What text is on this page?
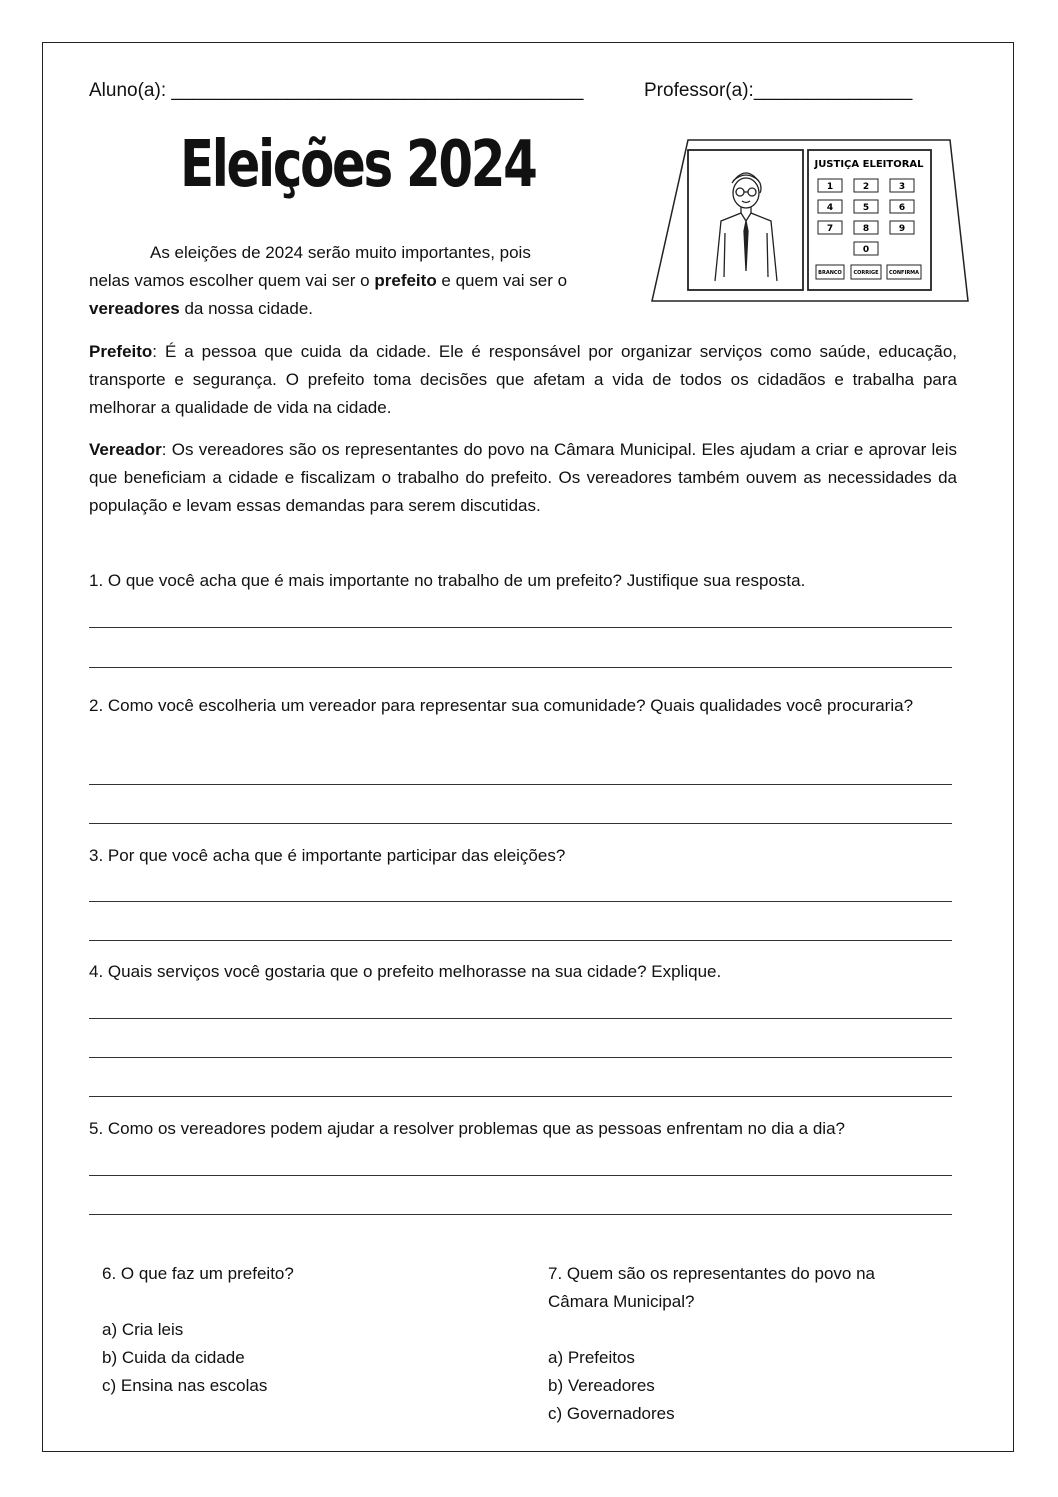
Aluno(a): _______________________________________	Professor(a):_______________
Eleições 2024	JUSTIÇA ELEITORAL
1	2	3
4	5	6
7	8	9
0
BRANCO CORRIGE CONFIRMA
As eleições de 2024 serão muito importantes, pois
nelas vamos escolher quem vai ser o prefeito e quem vai ser o
vereadores da nossa cidade.
Prefeito: É a pessoa que cuida da cidade. Ele é responsável por organizar serviços como saúde, educação, transporte e segurança. O prefeito toma decisões que afetam a vida de todos os cidadãos e trabalha para melhorar a qualidade de vida na cidade.
Vereador: Os vereadores são os representantes do povo na Câmara Municipal. Eles ajudam a criar e aprovar leis que beneficiam a cidade e fiscalizam o trabalho do prefeito. Os vereadores também ouvem as necessidades da população e levam essas demandas para serem discutidas.
1. O que você acha que é mais importante no trabalho de um prefeito? Justifique sua resposta.
2. Como você escolheria um vereador para representar sua comunidade? Quais qualidades você procuraria?
3. Por que você acha que é importante participar das eleições?
4. Quais serviços você gostaria que o prefeito melhorasse na sua cidade? Explique.
5. Como os vereadores podem ajudar a resolver problemas que as pessoas enfrentam no dia a dia?
6. O que faz um prefeito?
a) Cria leis
b) Cuida da cidade
c) Ensina nas escolas
7. Quem são os representantes do povo na
Câmara Municipal?
a) Prefeitos
b) Vereadores
c) Governadores
